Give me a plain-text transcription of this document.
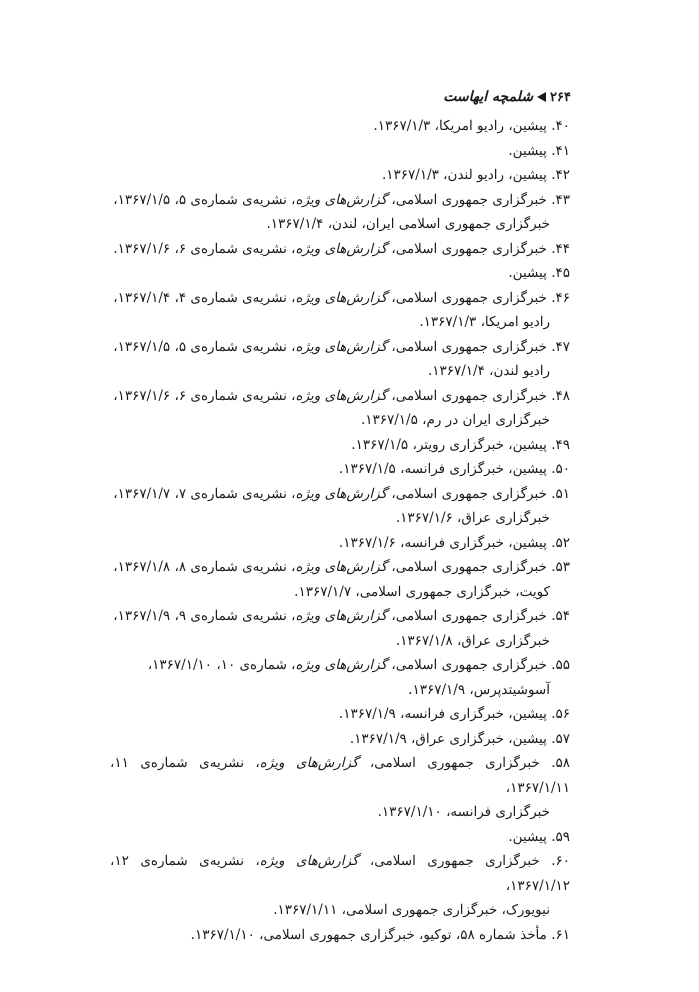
۲۶۴
شلمچه ایهاست
۴۰. پیشین، رادیو امریکا، ۱۳۶۷/۱/۳.
۴۱. پیشین.
۴۲. پیشین، رادیو لندن، ۱۳۶۷/۱/۳.
۴۳. خبرگزاری جمهوری اسلامی، گزارش‌های ویژه، نشریه‌ی شماره‌ی ۵، ۱۳۶۷/۱/۵،
خبرگزاری جمهوری اسلامی ایران، لندن، ۱۳۶۷/۱/۴.
۴۴. خبرگزاری جمهوری اسلامی، گزارش‌های ویژه، نشریه‌ی شماره‌ی ۶، ۱۳۶۷/۱/۶.
۴۵. پیشین.
۴۶. خبرگزاری جمهوری اسلامی، گزارش‌های ویژه، نشریه‌ی شماره‌ی ۴، ۱۳۶۷/۱/۴،
رادیو امریکا، ۱۳۶۷/۱/۳.
۴۷. خبرگزاری جمهوری اسلامی، گزارش‌های ویژه، نشریه‌ی شماره‌ی ۵، ۱۳۶۷/۱/۵،
رادیو لندن، ۱۳۶۷/۱/۴.
۴۸. خبرگزاری جمهوری اسلامی، گزارش‌های ویژه، نشریه‌ی شماره‌ی ۶، ۱۳۶۷/۱/۶،
خبرگزاری ایران در رم، ۱۳۶۷/۱/۵.
۴۹. پیشین، خبرگزاری رویتر، ۱۳۶۷/۱/۵.
۵۰. پیشین، خبرگزاری فرانسه، ۱۳۶۷/۱/۵.
۵۱. خبرگزاری جمهوری اسلامی، گزارش‌های ویژه، نشریه‌ی شماره‌ی ۷، ۱۳۶۷/۱/۷،
خبرگزاری عراق، ۱۳۶۷/۱/۶.
۵۲. پیشین، خبرگزاری فرانسه، ۱۳۶۷/۱/۶.
۵۳. خبرگزاری جمهوری اسلامی، گزارش‌های ویژه، نشریه‌ی شماره‌ی ۸، ۱۳۶۷/۱/۸،
کویت، خبرگزاری جمهوری اسلامی، ۱۳۶۷/۱/۷.
۵۴. خبرگزاری جمهوری اسلامی، گزارش‌های ویژه، نشریه‌ی شماره‌ی ۹، ۱۳۶۷/۱/۹،
خبرگزاری عراق، ۱۳۶۷/۱/۸.
۵۵. خبرگزاری جمهوری اسلامی، گزارش‌های ویژه، شماره‌ی ۱۰، ۱۳۶۷/۱/۱۰،
آسوشیتدپرس، ۱۳۶۷/۱/۹.
۵۶. پیشین، خبرگزاری فرانسه، ۱۳۶۷/۱/۹.
۵۷. پیشین، خبرگزاری عراق، ۱۳۶۷/۱/۹.
۵۸. خبرگزاری جمهوری اسلامی، گزارش‌های ویژه، نشریه‌ی شماره‌ی ۱۱، ۱۳۶۷/۱/۱۱،
خبرگزاری فرانسه، ۱۳۶۷/۱/۱۰.
۵۹. پیشین.
۶۰. خبرگزاری جمهوری اسلامی، گزارش‌های ویژه، نشریه‌ی شماره‌ی ۱۲، ۱۳۶۷/۱/۱۲،
نیویورک، خبرگزاری جمهوری اسلامی، ۱۳۶۷/۱/۱۱.
۶۱. مأخذ شماره ۵۸، توکیو، خبرگزاری جمهوری اسلامی، ۱۳۶۷/۱/۱۰.
